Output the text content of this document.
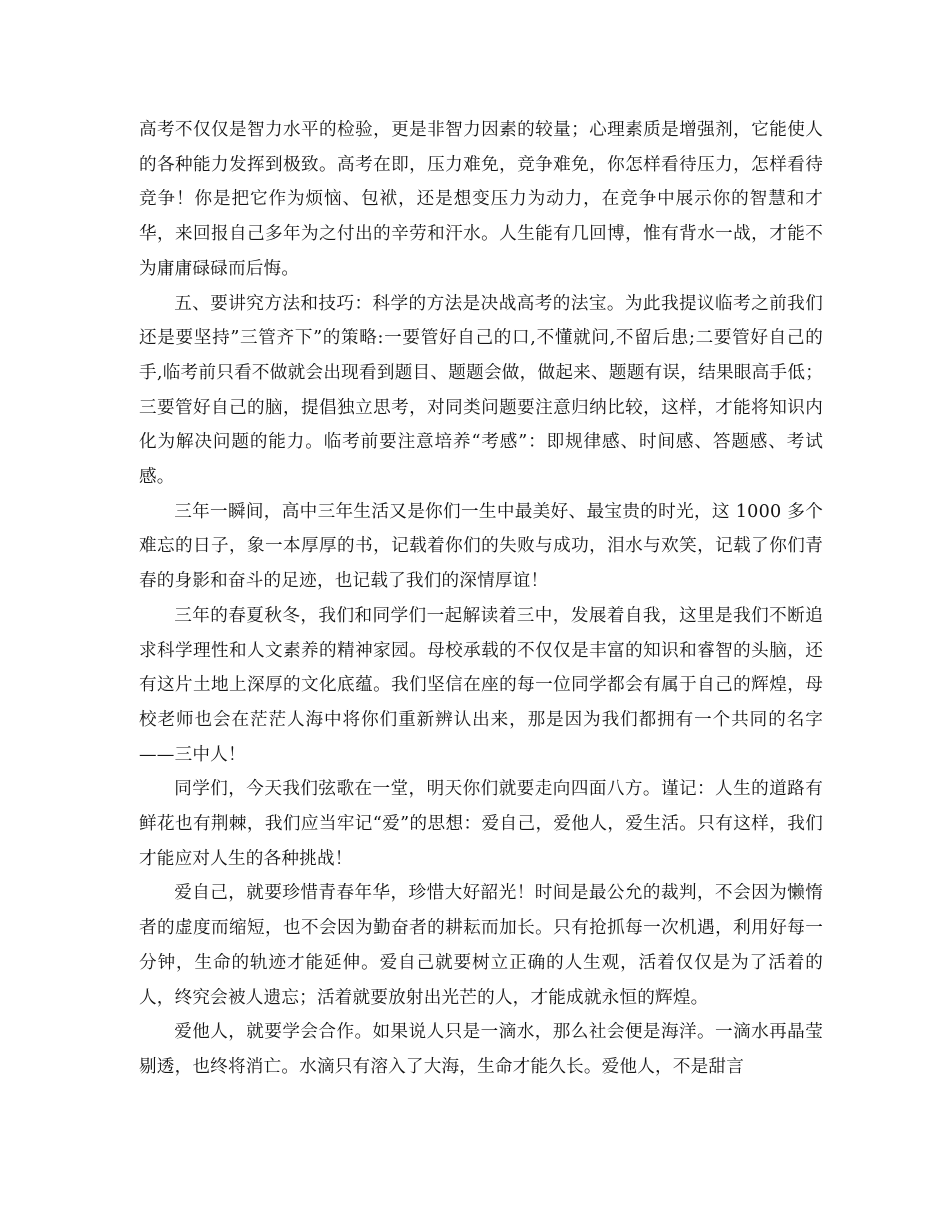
高考不仅仅是智力水平的检验，更是非智力因素的较量；心理素质是增强剂，它能使人的各种能力发挥到极致。高考在即，压力难免，竞争难免，你怎样看待压力，怎样看待竞争！你是把它作为烦恼、包袱，还是想变压力为动力，在竞争中展示你的智慧和才华，来回报自己多年为之付出的辛劳和汗水。人生能有几回博，惟有背水一战，才能不为庸庸碌碌而后悔。

五、要讲究方法和技巧：科学的方法是决战高考的法宝。为此我提议临考之前我们还是要坚持”三管齐下”的策略:一要管好自己的口,不懂就问,不留后患;二要管好自己的手,临考前只看不做就会出现看到题目、题题会做，做起来、题题有误，结果眼高手低；三要管好自己的脑，提倡独立思考，对同类问题要注意归纳比较，这样，才能将知识内化为解决问题的能力。临考前要注意培养“考感”：即规律感、时间感、答题感、考试感。

三年一瞬间，高中三年生活又是你们一生中最美好、最宝贵的时光，这 1000 多个难忘的日子，象一本厚厚的书，记载着你们的失败与成功，泪水与欢笑，记载了你们青春的身影和奋斗的足迹，也记载了我们的深情厚谊！

三年的春夏秋冬，我们和同学们一起解读着三中，发展着自我，这里是我们不断追求科学理性和人文素养的精神家园。母校承载的不仅仅是丰富的知识和睿智的头脑，还有这片土地上深厚的文化底蕴。我们坚信在座的每一位同学都会有属于自己的辉煌，母校老师也会在茫茫人海中将你们重新辨认出来，那是因为我们都拥有一个共同的名字——三中人！

同学们，今天我们弦歌在一堂，明天你们就要走向四面八方。谨记：人生的道路有鲜花也有荆棘，我们应当牢记“爱”的思想：爱自己，爱他人，爱生活。只有这样，我们才能应对人生的各种挑战！

爱自己，就要珍惜青春年华，珍惜大好韶光！时间是最公允的裁判，不会因为懒惰者的虚度而缩短，也不会因为勤奋者的耕耘而加长。只有抢抓每一次机遇，利用好每一分钟，生命的轨迹才能延伸。爱自己就要树立正确的人生观，活着仅仅是为了活着的人，终究会被人遗忘；活着就要放射出光芒的人，才能成就永恒的辉煌。

爱他人，就要学会合作。如果说人只是一滴水，那么社会便是海洋。一滴水再晶莹剔透，也终将消亡。水滴只有溶入了大海，生命才能久长。爱他人，不是甜言
